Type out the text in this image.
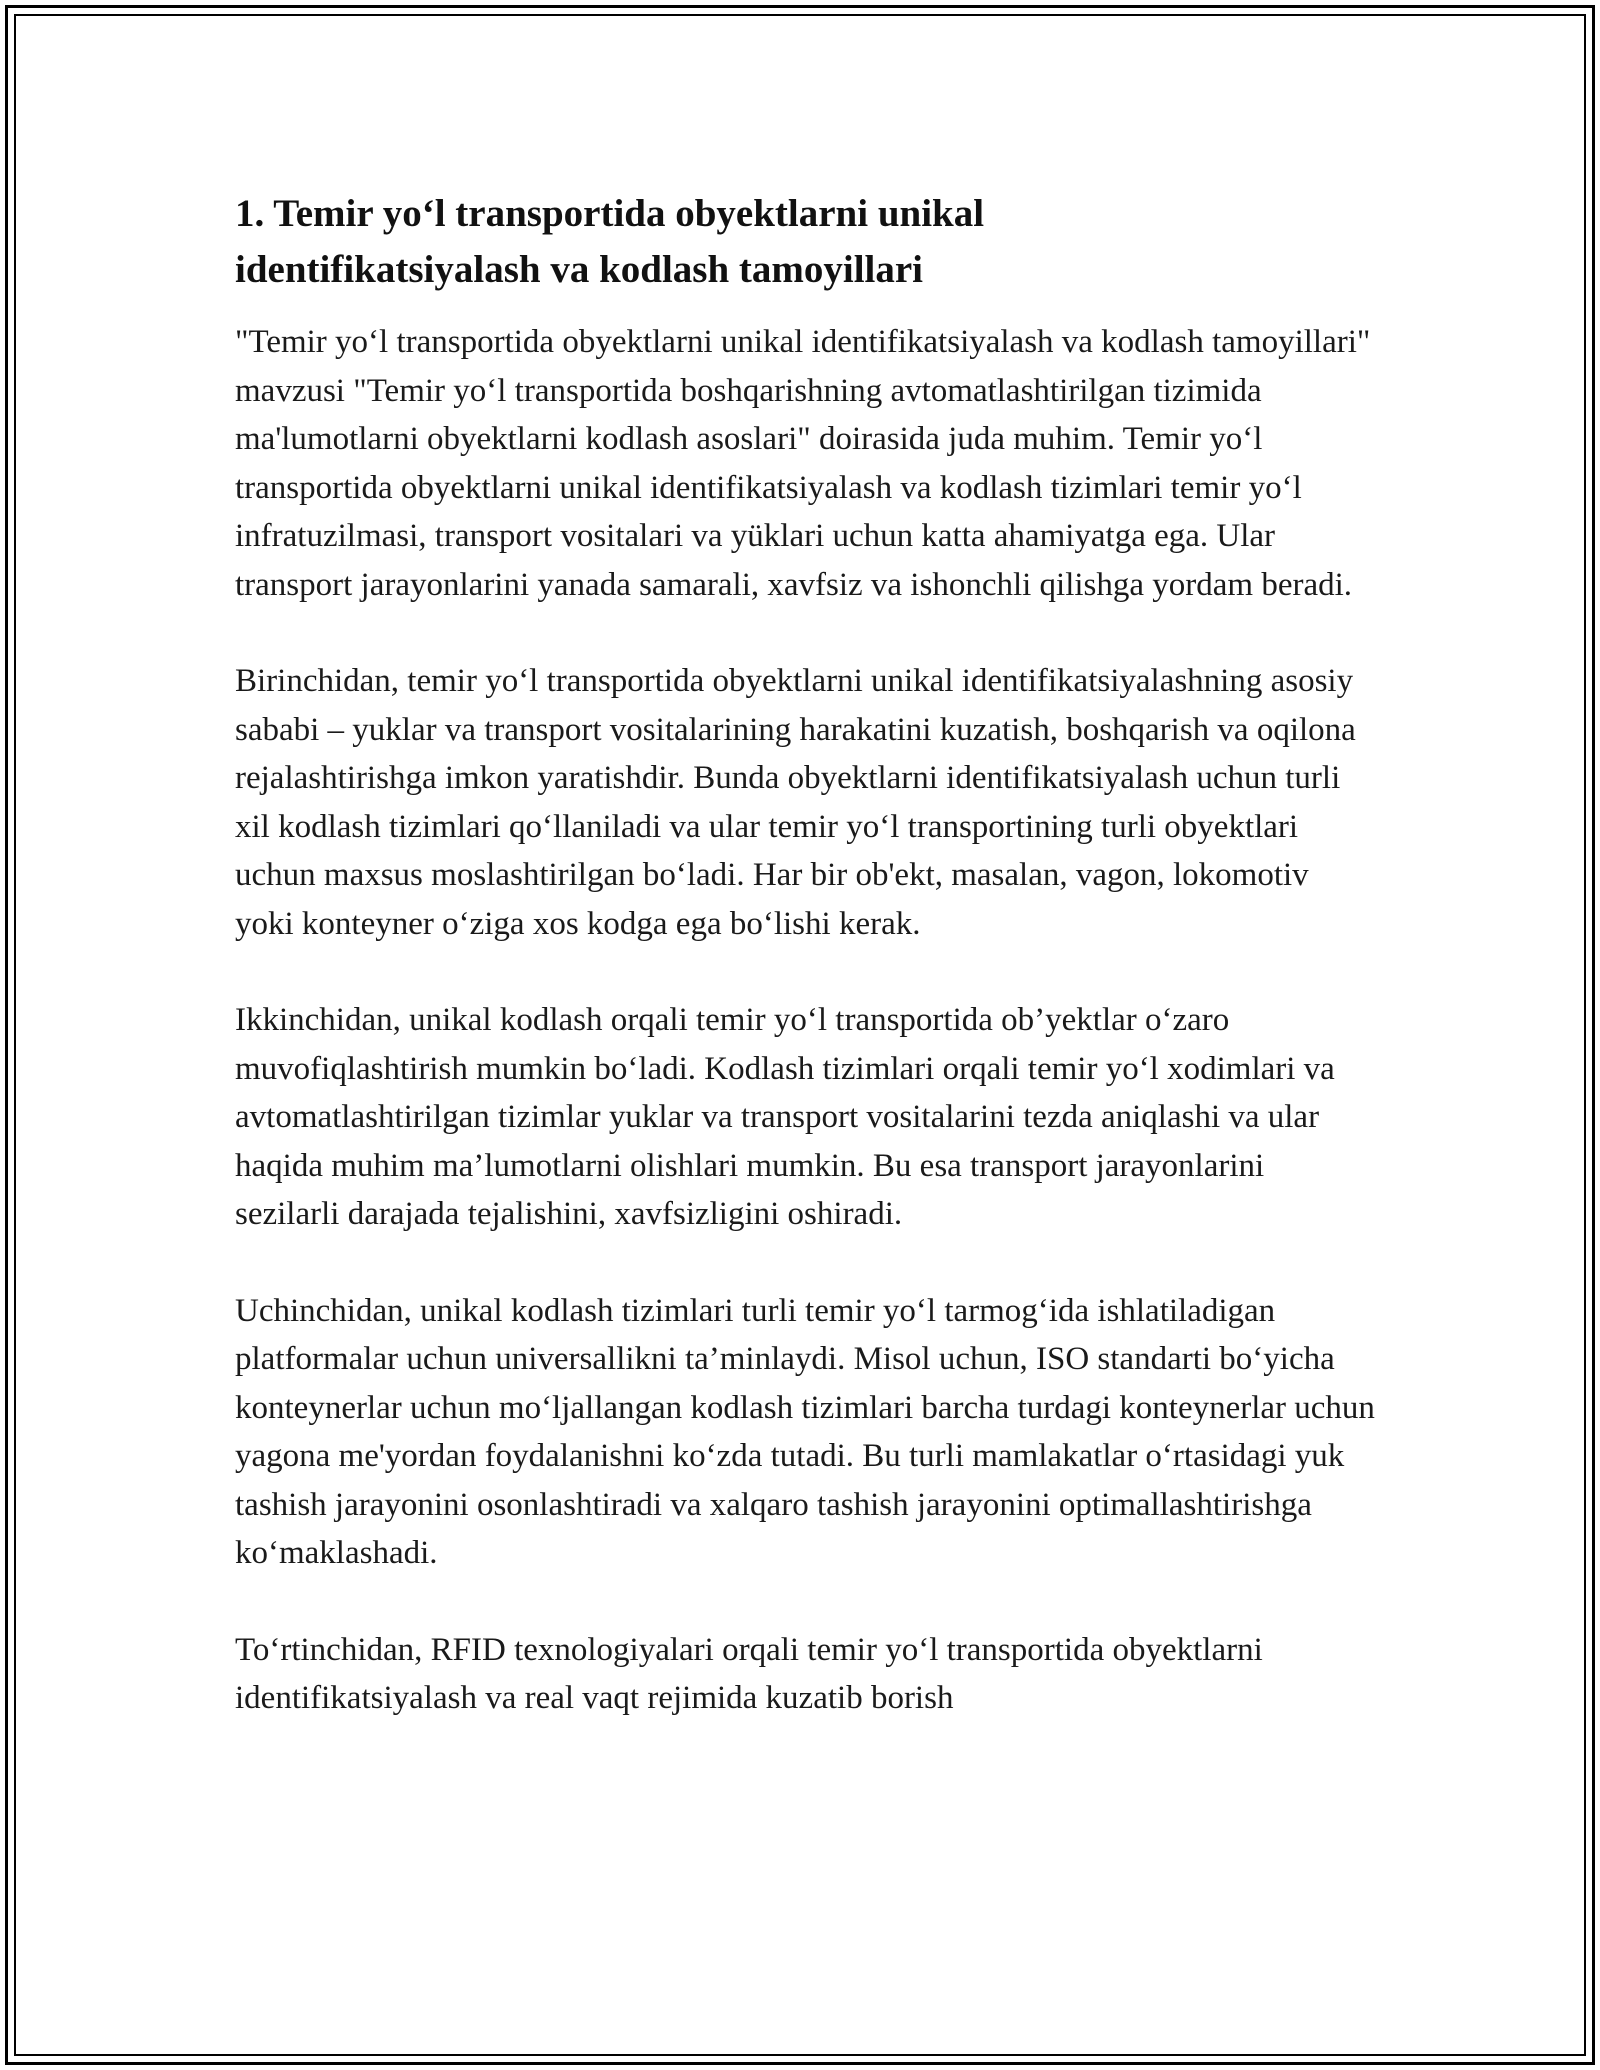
1. Temir yo‘l transportida obyektlarni unikal
identifikatsiyalash va kodlash tamoyillari

"Temir yo‘l transportida obyektlarni unikal identifikatsiyalash va kodlash tamoyillari" mavzusi "Temir yo‘l transportida boshqarishning avtomatlashtirilgan tizimida ma'lumotlarni obyektlarni kodlash asoslari" doirasida juda muhim. Temir yo‘l transportida obyektlarni unikal identifikatsiyalash va kodlash tizimlari temir yo‘l infratuzilmasi, transport vositalari va yüklari uchun katta ahamiyatga ega. Ular transport jarayonlarini yanada samarali, xavfsiz va ishonchli qilishga yordam beradi.

Birinchidan, temir yo‘l transportida obyektlarni unikal identifikatsiyalashning asosiy sababi – yuklar va transport vositalarining harakatini kuzatish, boshqarish va oqilona rejalashtirishga imkon yaratishdir. Bunda obyektlarni identifikatsiyalash uchun turli xil kodlash tizimlari qo‘llaniladi va ular temir yo‘l transportining turli obyektlari uchun maxsus moslashtirilgan bo‘ladi. Har bir ob'ekt, masalan, vagon, lokomotiv yoki konteyner o‘ziga xos kodga ega bo‘lishi kerak.

Ikkinchidan, unikal kodlash orqali temir yo‘l transportida ob’yektlar o‘zaro muvofiqlashtirish mumkin bo‘ladi. Kodlash tizimlari orqali temir yo‘l xodimlari va avtomatlashtirilgan tizimlar yuklar va transport vositalarini tezda aniqlashi va ular haqida muhim ma’lumotlarni olishlari mumkin. Bu esa transport jarayonlarini sezilarli darajada tejalishini, xavfsizligini oshiradi.

Uchinchidan, unikal kodlash tizimlari turli temir yo‘l tarmog‘ida ishlatiladigan platformalar uchun universallikni ta’minlaydi. Misol uchun, ISO standarti bo‘yicha konteynerlar uchun mo‘ljallangan kodlash tizimlari barcha turdagi konteynerlar uchun yagona me'yordan foydalanishni ko‘zda tutadi. Bu turli mamlakatlar o‘rtasidagi yuk tashish jarayonini osonlashtiradi va xalqaro tashish jarayonini optimallashtirishga ko‘maklashadi.

To‘rtinchidan, RFID texnologiyalari orqali temir yo‘l transportida obyektlarni identifikatsiyalash va real vaqt rejimida kuzatib borish
